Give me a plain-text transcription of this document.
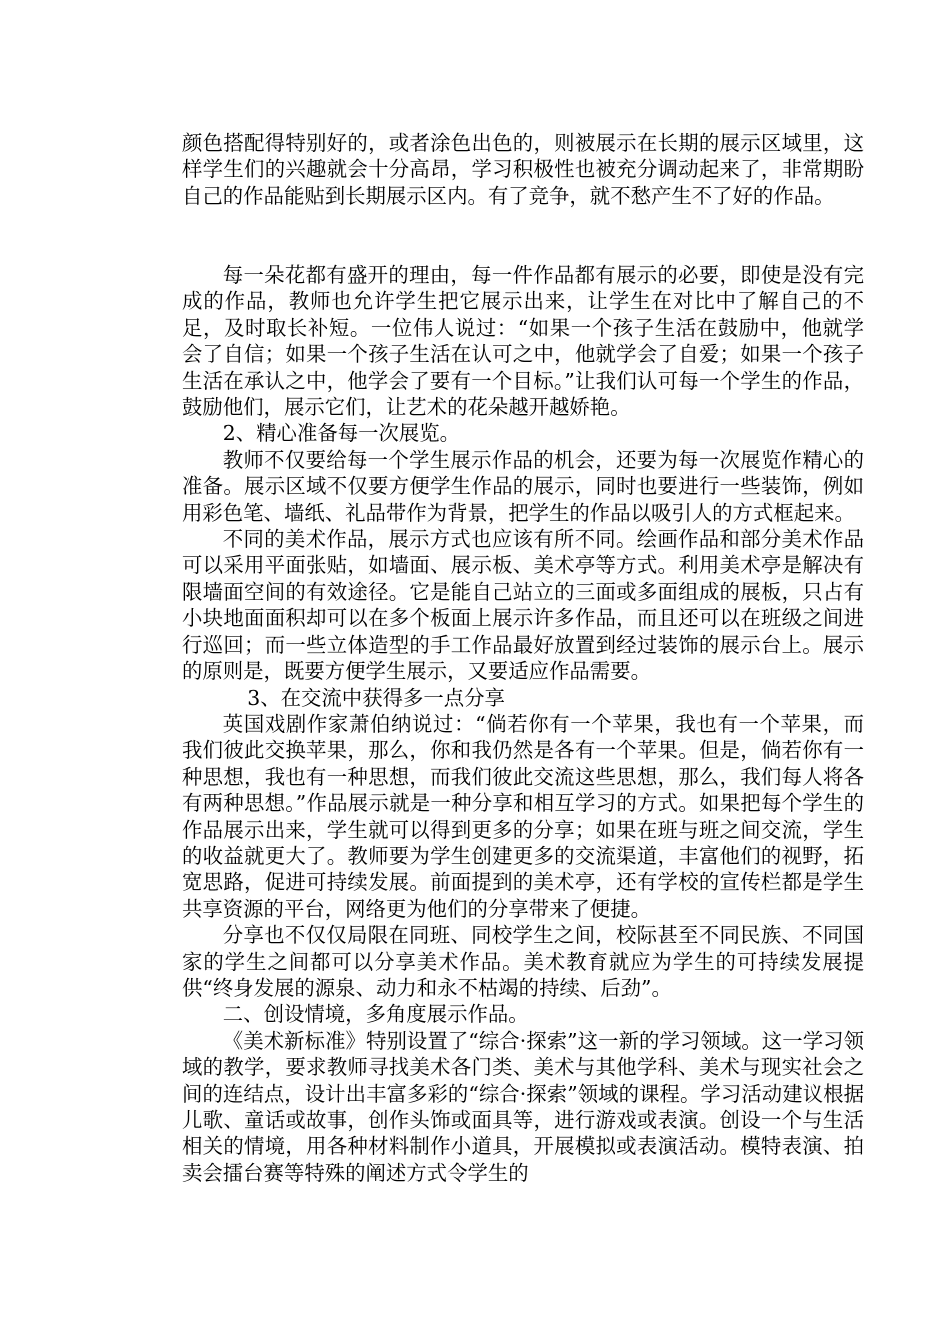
颜色搭配得特别好的，或者涂色出色的，则被展示在长期的展示区域里，这样学生们的兴趣就会十分高昂，学习积极性也被充分调动起来了，非常期盼自己的作品能贴到长期展示区内。有了竞争，就不愁产生不了好的作品。

每一朵花都有盛开的理由，每一件作品都有展示的必要，即使是没有完成的作品，教师也允许学生把它展示出来，让学生在对比中了解自己的不足，及时取长补短。一位伟人说过：“如果一个孩子生活在鼓励中，他就学会了自信；如果一个孩子生活在认可之中，他就学会了自爱；如果一个孩子生活在承认之中，他学会了要有一个目标。”让我们认可每一个学生的作品，鼓励他们，展示它们，让艺术的花朵越开越娇艳。

2、精心准备每一次展览。

教师不仅要给每一个学生展示作品的机会，还要为每一次展览作精心的准备。展示区域不仅要方便学生作品的展示，同时也要进行一些装饰，例如用彩色笔、墙纸、礼品带作为背景，把学生的作品以吸引人的方式框起来。

不同的美术作品，展示方式也应该有所不同。绘画作品和部分美术作品可以采用平面张贴，如墙面、展示板、美术亭等方式。利用美术亭是解决有限墙面空间的有效途径。它是能自己站立的三面或多面组成的展板，只占有小块地面面积却可以在多个板面上展示许多作品，而且还可以在班级之间进行巡回；而一些立体造型的手工作品最好放置到经过装饰的展示台上。展示的原则是，既要方便学生展示，又要适应作品需要。

3、在交流中获得多一点分享

英国戏剧作家萧伯纳说过：“倘若你有一个苹果，我也有一个苹果，而我们彼此交换苹果，那么，你和我仍然是各有一个苹果。但是，倘若你有一种思想，我也有一种思想，而我们彼此交流这些思想，那么，我们每人将各有两种思想。”作品展示就是一种分享和相互学习的方式。如果把每个学生的作品展示出来，学生就可以得到更多的分享；如果在班与班之间交流，学生的收益就更大了。教师要为学生创建更多的交流渠道，丰富他们的视野，拓宽思路，促进可持续发展。前面提到的美术亭，还有学校的宣传栏都是学生共享资源的平台，网络更为他们的分享带来了便捷。

分享也不仅仅局限在同班、同校学生之间，校际甚至不同民族、不同国家的学生之间都可以分享美术作品。美术教育就应为学生的可持续发展提供“终身发展的源泉、动力和永不枯竭的持续、后劲”。

二、创设情境，多角度展示作品。

《美术新标准》特别设置了“综合·探索”这一新的学习领域。这一学习领域的教学，要求教师寻找美术各门类、美术与其他学科、美术与现实社会之间的连结点，设计出丰富多彩的“综合·探索”领域的课程。学习活动建议根据儿歌、童话或故事，创作头饰或面具等，进行游戏或表演。创设一个与生活相关的情境，用各种材料制作小道具，开展模拟或表演活动。模特表演、拍卖会擂台赛等特殊的阐述方式令学生的
